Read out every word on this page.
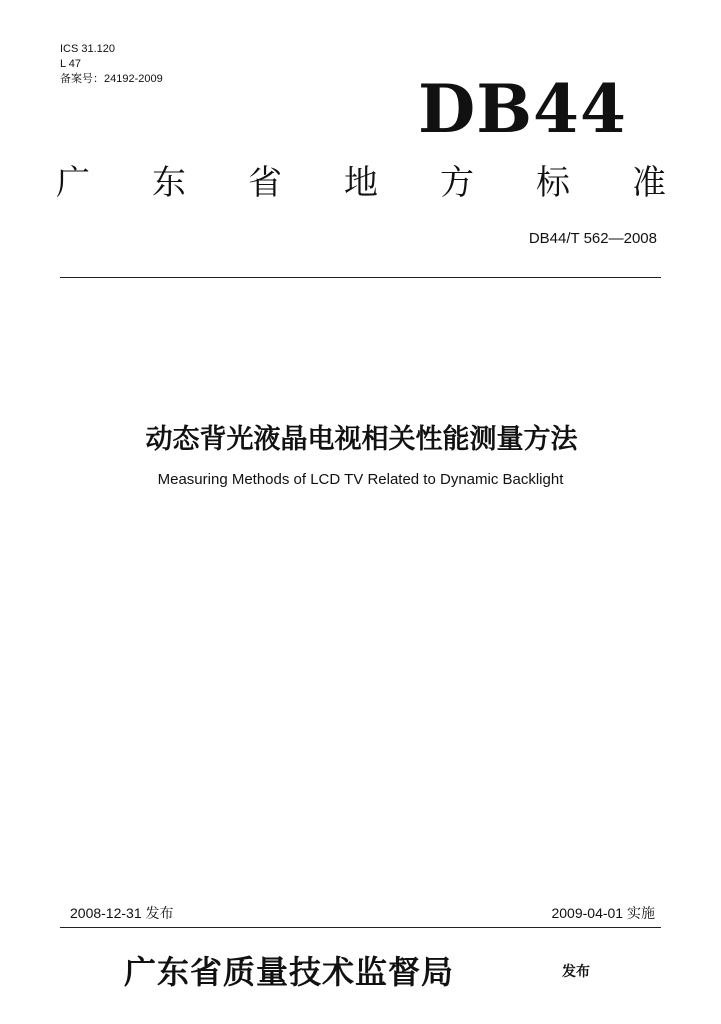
ICS 31.120
L 47
备案号：24192-2009	DB44
广 东 省 地 方 标 准
DB44/T 562—2008
动态背光液晶电视相关性能测量方法
Measuring Methods of LCD TV Related to Dynamic Backlight
2008-12-31 发布	2009-04-01 实施
广东省质量技术监督局	发布
